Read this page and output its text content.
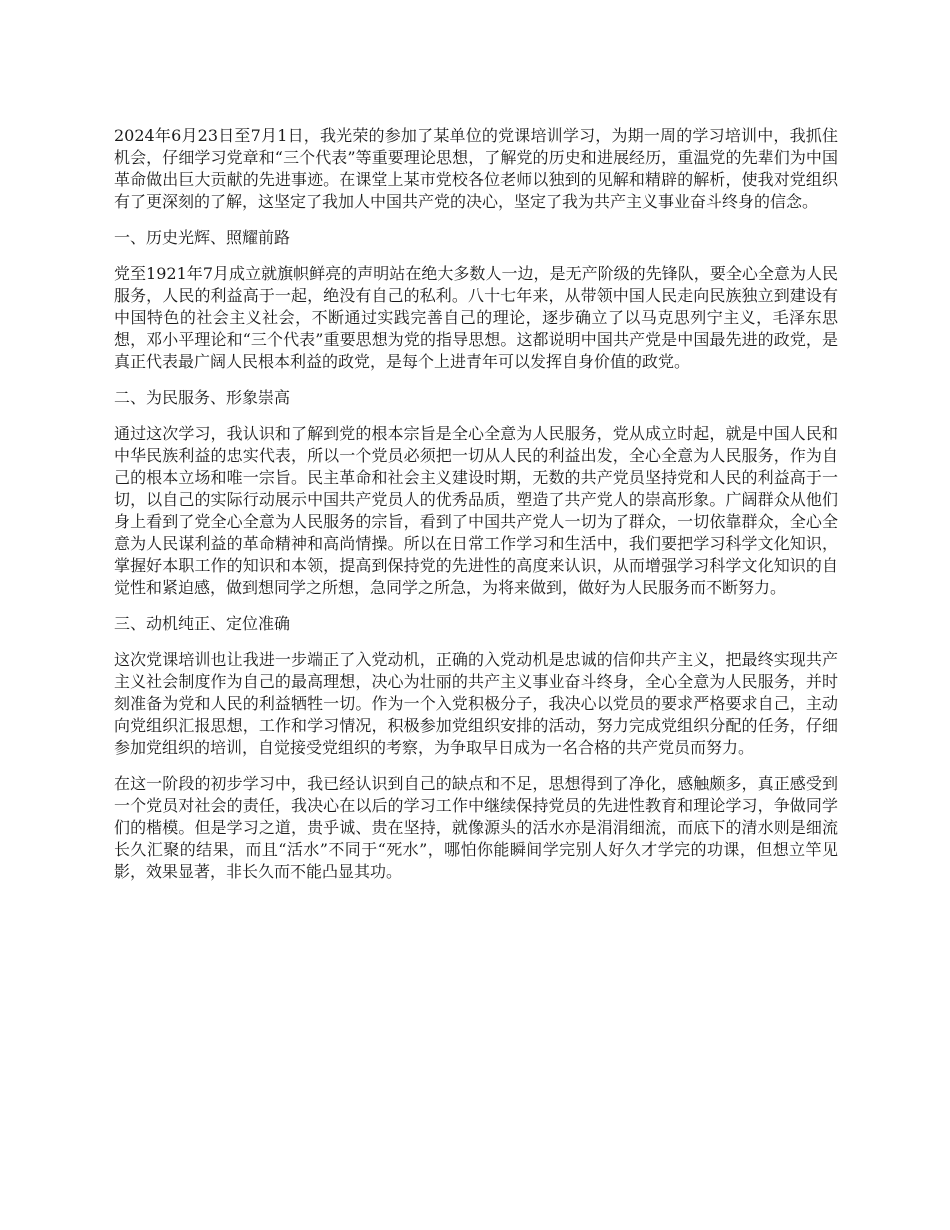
2024年6月23日至7月1日，我光荣的参加了某单位的党课培训学习，为期一周的学习培训中，我抓住机会，仔细学习党章和“三个代表”等重要理论思想，了解党的历史和进展经历，重温党的先辈们为中国革命做出巨大贡献的先进事迹。在课堂上某市党校各位老师以独到的见解和精辟的解析，使我对党组织有了更深刻的了解，这坚定了我加人中国共产党的决心，坚定了我为共产主义事业奋斗终身的信念。

一、历史光辉、照耀前路

党至1921年7月成立就旗帜鲜亮的声明站在绝大多数人一边，是无产阶级的先锋队，要全心全意为人民服务，人民的利益高于一起，绝没有自己的私利。八十七年来，从带领中国人民走向民族独立到建设有中国特色的社会主义社会，不断通过实践完善自己的理论，逐步确立了以马克思列宁主义，毛泽东思想，邓小平理论和“三个代表”重要思想为党的指导思想。这都说明中国共产党是中国最先进的政党，是真正代表最广阔人民根本利益的政党，是每个上进青年可以发挥自身价值的政党。

二、为民服务、形象崇高

通过这次学习，我认识和了解到党的根本宗旨是全心全意为人民服务，党从成立时起，就是中国人民和中华民族利益的忠实代表，所以一个党员必须把一切从人民的利益出发，全心全意为人民服务，作为自己的根本立场和唯一宗旨。民主革命和社会主义建设时期，无数的共产党员坚持党和人民的利益高于一切，以自己的实际行动展示中国共产党员人的优秀品质，塑造了共产党人的崇高形象。广阔群众从他们身上看到了党全心全意为人民服务的宗旨，看到了中国共产党人一切为了群众，一切依靠群众，全心全意为人民谋利益的革命精神和高尚情操。所以在日常工作学习和生活中，我们要把学习科学文化知识，掌握好本职工作的知识和本领，提高到保持党的先进性的高度来认识，从而增强学习科学文化知识的自觉性和紧迫感，做到想同学之所想，急同学之所急，为将来做到，做好为人民服务而不断努力。

三、动机纯正、定位准确

这次党课培训也让我进一步端正了入党动机，正确的入党动机是忠诚的信仰共产主义，把最终实现共产主义社会制度作为自己的最高理想，决心为壮丽的共产主义事业奋斗终身，全心全意为人民服务，并时刻准备为党和人民的利益牺牲一切。作为一个入党积极分子，我决心以党员的要求严格要求自己，主动向党组织汇报思想，工作和学习情况，积极参加党组织安排的活动，努力完成党组织分配的任务，仔细参加党组织的培训，自觉接受党组织的考察，为争取早日成为一名合格的共产党员而努力。

在这一阶段的初步学习中，我已经认识到自己的缺点和不足，思想得到了净化，感触颇多，真正感受到一个党员对社会的责任，我决心在以后的学习工作中继续保持党员的先进性教育和理论学习，争做同学们的楷模。但是学习之道，贵乎诚、贵在坚持，就像源头的活水亦是涓涓细流，而底下的清水则是细流长久汇聚的结果，而且“活水”不同于“死水”，哪怕你能瞬间学完别人好久才学完的功课，但想立竿见影，效果显著，非长久而不能凸显其功。
